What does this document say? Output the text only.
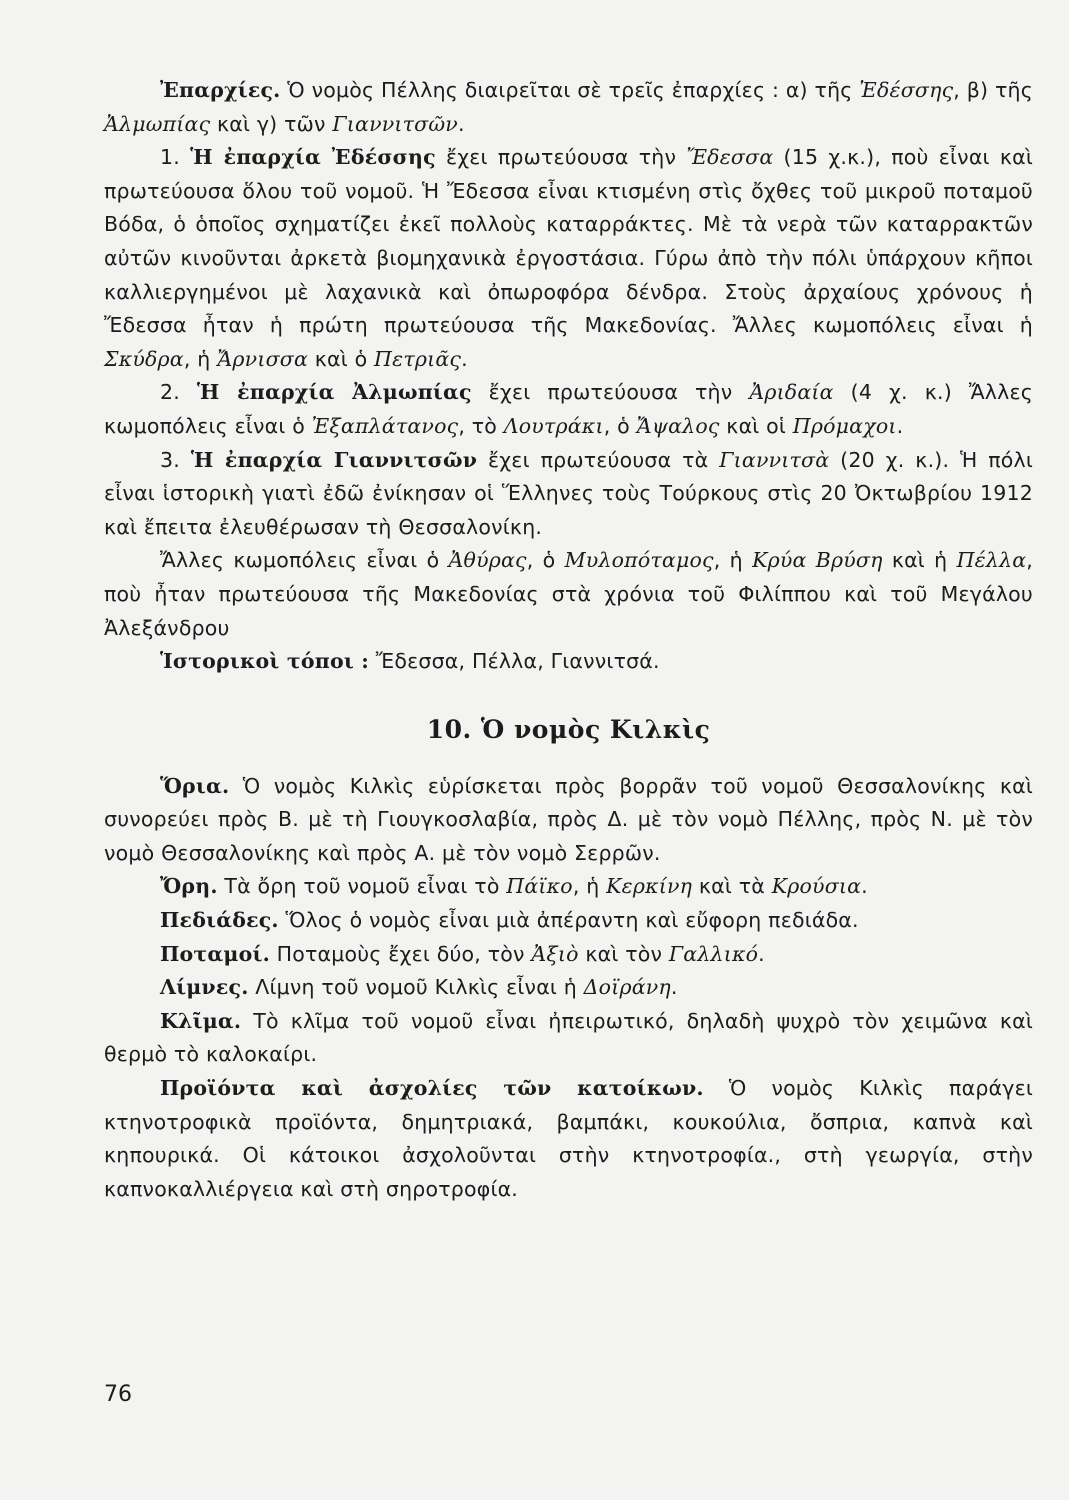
Ἐπαρχίες. Ὁ νομὸς Πέλλης διαιρεῖται σὲ τρεῖς ἐπαρχίες : α) τῆς Ἐδέσσης, β) τῆς Ἀλμωπίας καὶ γ) τῶν Γιαννιτσῶν.

1. Ἡ ἐπαρχία Ἐδέσσης ἔχει πρωτεύουσα τὴν Ἔδεσσα (15 χ.κ.), ποὺ εἶναι καὶ πρωτεύουσα ὅλου τοῦ νομοῦ. Ἡ Ἔδεσσα εἶναι κτισμένη στὶς ὄχθες τοῦ μικροῦ ποταμοῦ Βόδα, ὁ ὁποῖος σχηματίζει ἐκεῖ πολλοὺς καταρράκτες. Μὲ τὰ νερὰ τῶν καταρρακτῶν αὐτῶν κινοῦνται ἀρκετὰ βιομηχανικὰ ἐργοστάσια. Γύρω ἀπὸ τὴν πόλι ὑπάρχουν κῆποι καλλιεργημένοι μὲ λαχανικὰ καὶ ὀπωροφόρα δένδρα. Στοὺς ἀρχαίους χρόνους ἡ Ἔδεσσα ἦταν ἡ πρώτη πρωτεύουσα τῆς Μακεδονίας. Ἄλλες κωμοπόλεις εἶναι ἡ Σκύδρα, ἡ Ἄρνισσα καὶ ὁ Πετριᾶς.

2. Ἡ ἐπαρχία Ἀλμωπίας ἔχει πρωτεύουσα τὴν Ἀριδαία (4 χ. κ.) Ἄλλες κωμοπόλεις εἶναι ὁ Ἐξαπλάτανος, τὸ Λουτράκι, ὁ Ἄψαλος καὶ οἱ Πρόμαχοι.

3. Ἡ ἐπαρχία Γιαννιτσῶν ἔχει πρωτεύουσα τὰ Γιαννιτσὰ (20 χ. κ.). Ἡ πόλι εἶναι ἱστορικὴ γιατὶ ἐδῶ ἐνίκησαν οἱ Ἕλληνες τοὺς Τούρκους στὶς 20 Ὀκτωβρίου 1912 καὶ ἔπειτα ἐλευθέρωσαν τὴ Θεσσαλονίκη.

Ἄλλες κωμοπόλεις εἶναι ὁ Ἀθύρας, ὁ Μυλοπόταμος, ἡ Κρύα Βρύση καὶ ἡ Πέλλα, ποὺ ἦταν πρωτεύουσα τῆς Μακεδονίας στὰ χρόνια τοῦ Φιλίππου καὶ τοῦ Μεγάλου Ἀλεξάνδρου

Ἱστορικοὶ τόποι : Ἔδεσσα, Πέλλα, Γιαννιτσά.

10. Ὁ νομὸς Κιλκὶς

Ὅρια. Ὁ νομὸς Κιλκὶς εὑρίσκεται πρὸς βορρᾶν τοῦ νομοῦ Θεσσαλονίκης καὶ συνορεύει πρὸς Β. μὲ τὴ Γιουγκοσλαβία, πρὸς Δ. μὲ τὸν νομὸ Πέλλης, πρὸς Ν. μὲ τὸν νομὸ Θεσσαλονίκης καὶ πρὸς Α. μὲ τὸν νομὸ Σερρῶν.

Ὄρη. Τὰ ὄρη τοῦ νομοῦ εἶναι τὸ Πάϊκο, ἡ Κερκίνη καὶ τὰ Κρούσια.

Πεδιάδες. Ὅλος ὁ νομὸς εἶναι μιὰ ἀπέραντη καὶ εὔφορη πεδιάδα.

Ποταμοί. Ποταμοὺς ἔχει δύο, τὸν Ἀξιὸ καὶ τὸν Γαλλικό.

Λίμνες. Λίμνη τοῦ νομοῦ Κιλκὶς εἶναι ἡ Δοϊράνη.

Κλῖμα. Τὸ κλῖμα τοῦ νομοῦ εἶναι ἠπειρωτικό, δηλαδὴ ψυχρὸ τὸν χειμῶνα καὶ θερμὸ τὸ καλοκαίρι.

Προϊόντα καὶ ἀσχολίες τῶν κατοίκων. Ὁ νομὸς Κιλκὶς παράγει κτηνοτροφικὰ προϊόντα, δημητριακά, βαμπάκι, κουκούλια, ὄσπρια, καπνὰ καὶ κηπουρικά. Οἱ κάτοικοι ἀσχολοῦνται στὴν κτηνοτροφία., στὴ γεωργία, στὴν καπνοκαλλιέργεια καὶ στὴ σηροτροφία.

76
